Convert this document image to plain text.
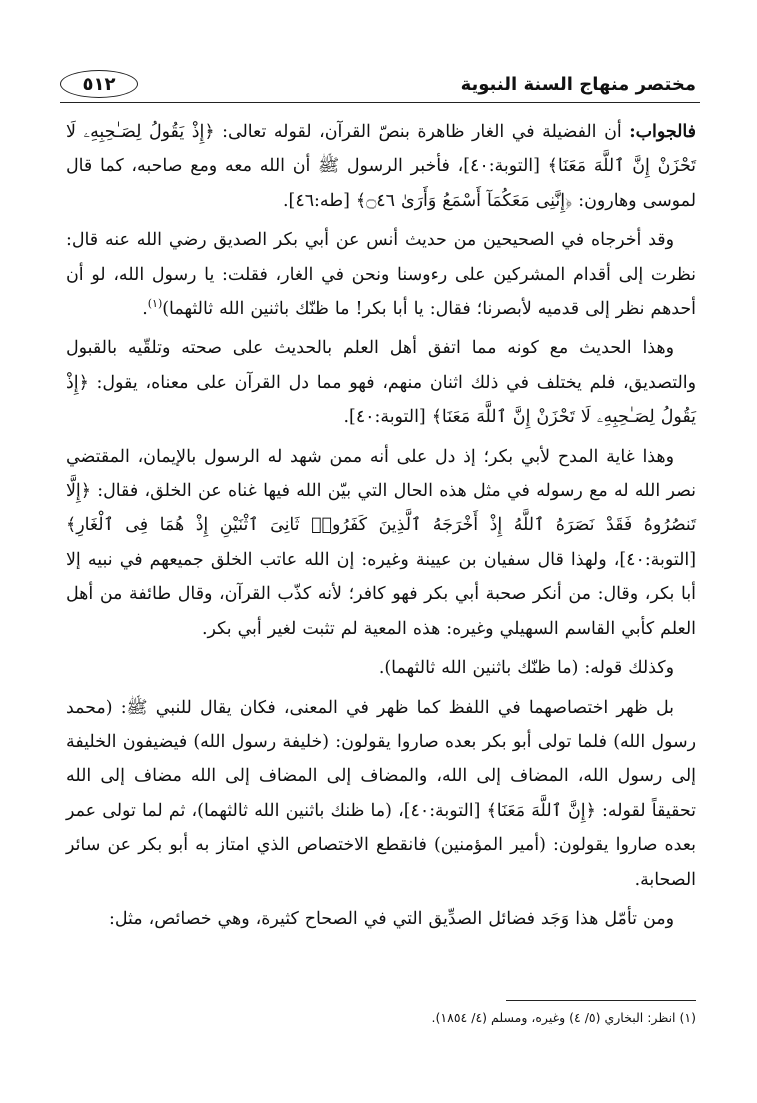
مختصر منهاج السنة النبوية
٥١٢

فالجواب: أن الفضيلة في الغار ظاهرة بنصّ القرآن، لقوله تعالى: ﴿إِذْ يَقُولُ لِصَـٰحِبِهِۦ لَا تَحْزَنْ إِنَّ ٱللَّهَ مَعَنَا﴾ [التوبة:٤٠]، فأخبر الرسول ﷺ أن الله معه ومع صاحبه، كما قال لموسى وهارون: ﴿إِنَّنِى مَعَكُمَآ أَسْمَعُ وَأَرَىٰ ۝٤٦﴾ [طه:٤٦].

وقد أخرجاه في الصحيحين من حديث أنس عن أبي بكر الصديق رضي الله عنه قال: نظرت إلى أقدام المشركين على رءوسنا ونحن في الغار، فقلت: يا رسول الله، لو أن أحدهم نظر إلى قدميه لأبصرنا؛ فقال: يا أبا بكر! ما ظنّك باثنين الله ثالثهما)$^{(١)}$.

وهذا الحديث مع كونه مما اتفق أهل العلم بالحديث على صحته وتلقّيه بالقبول والتصديق، فلم يختلف في ذلك اثنان منهم، فهو مما دل القرآن على معناه، يقول: ﴿إِذْ يَقُولُ لِصَـٰحِبِهِۦ لَا تَحْزَنْ إِنَّ ٱللَّهَ مَعَنَا﴾ [التوبة:٤٠].

وهذا غاية المدح لأبي بكر؛ إذ دل على أنه ممن شهد له الرسول بالإيمان، المقتضي نصر الله له مع رسوله في مثل هذه الحال التي بيّن الله فيها غناه عن الخلق، فقال: ﴿إِلَّا تَنصُرُوهُ فَقَدْ نَصَرَهُ ٱللَّهُ إِذْ أَخْرَجَهُ ٱلَّذِينَ كَفَرُوا۟ ثَانِىَ ٱثْنَيْنِ إِذْ هُمَا فِى ٱلْغَارِ﴾ [التوبة:٤٠]، ولهذا قال سفيان بن عيينة وغيره: إن الله عاتب الخلق جميعهم في نبيه إلا أبا بكر، وقال: من أنكر صحبة أبي بكر فهو كافر؛ لأنه كذّب القرآن، وقال طائفة من أهل العلم كأبي القاسم السهيلي وغيره: هذه المعية لم تثبت لغير أبي بكر.

وكذلك قوله: (ما ظنّك باثنين الله ثالثهما).

بل ظهر اختصاصهما في اللفظ كما ظهر في المعنى، فكان يقال للنبي ﷺ: (محمد رسول الله) فلما تولى أبو بكر بعده صاروا يقولون: (خليفة رسول الله) فيضيفون الخليفة إلى رسول الله، المضاف إلى الله، والمضاف إلى المضاف إلى الله مضاف إلى الله تحقيقاً لقوله: ﴿إِنَّ ٱللَّهَ مَعَنَا﴾ [التوبة:٤٠]، (ما ظنك باثنين الله ثالثهما)، ثم لما تولى عمر بعده صاروا يقولون: (أمير المؤمنين) فانقطع الاختصاص الذي امتاز به أبو بكر عن سائر الصحابة.

ومن تأمّل هذا وَجَد فضائل الصدِّيق التي في الصحاح كثيرة، وهي خصائص، مثل:

(١) انظر: البخاري (٥/ ٤) وغيره، ومسلم (٤/ ١٨٥٤).
